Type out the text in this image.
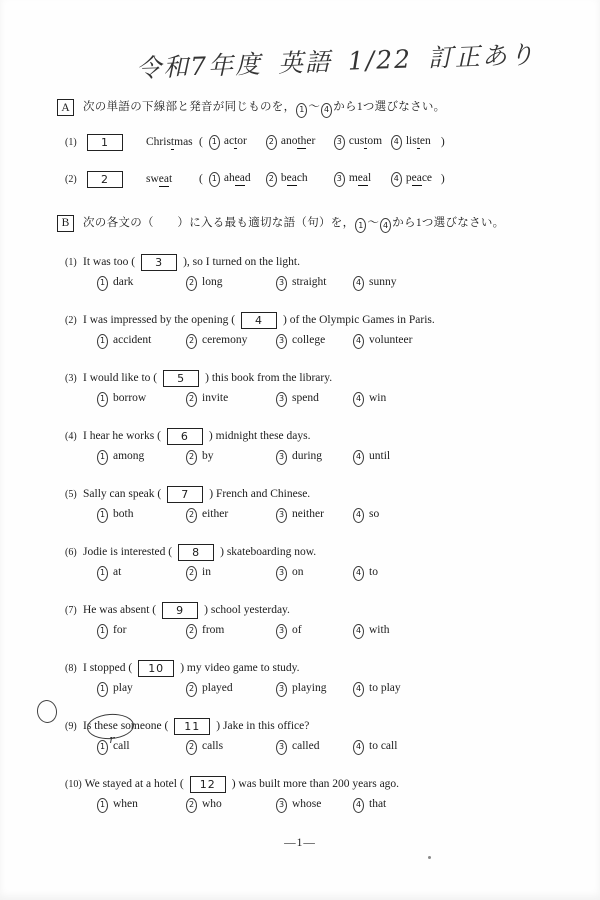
令和7年度 英語 1/22 訂正あり
A	次の単語の下線部と発音が同じものを， 1 ～ 4 から1つ選びなさい。
(1)	1	Christmas (	1 actor	2 another	3 custom	4 listen )
(2)	2	sweat	(	1 ahead	2 beach	3 meal	4 peace )
B	次の各文の（　　）に入る最も適切な語（句）を， 1 ～ 4 から1つ選びなさい。
(1) It was too (	3	), so I turned on the light.
1 dark	2 long	3 straight	4 sunny
(2) I was impressed by the opening (	4	) of the Olympic Games in Paris.
1 accident	2 ceremony	3 college	4 volunteer
(3) I would like to (	5	) this book from the library.
1 borrow	2 invite	3 spend	4 win
(4) I hear he works (	6	) midnight these days.
1 among	2 by	3 during	4 until
(5) Sally can speak (	7	) French and Chinese.
1 both	2 either	3 neither	4 so
(6) Jodie is interested (	8	) skateboarding now.
1 at	2 in	3 on	4 to
(7) He was absent (	9	) school yesterday.
1 for	2 from	3 of	4 with
(8) I stopped (	10	) my video game to study.
1 play	2 played	3 playing	4 to play
(9) Is these
r
someone (	11	) Jake in this office?
1 call	2 calls	3 called	4 to call
(10) We stayed at a hotel (	12	) was built more than 200 years ago.
1 when	2 who	3 whose	4 that
—1—
